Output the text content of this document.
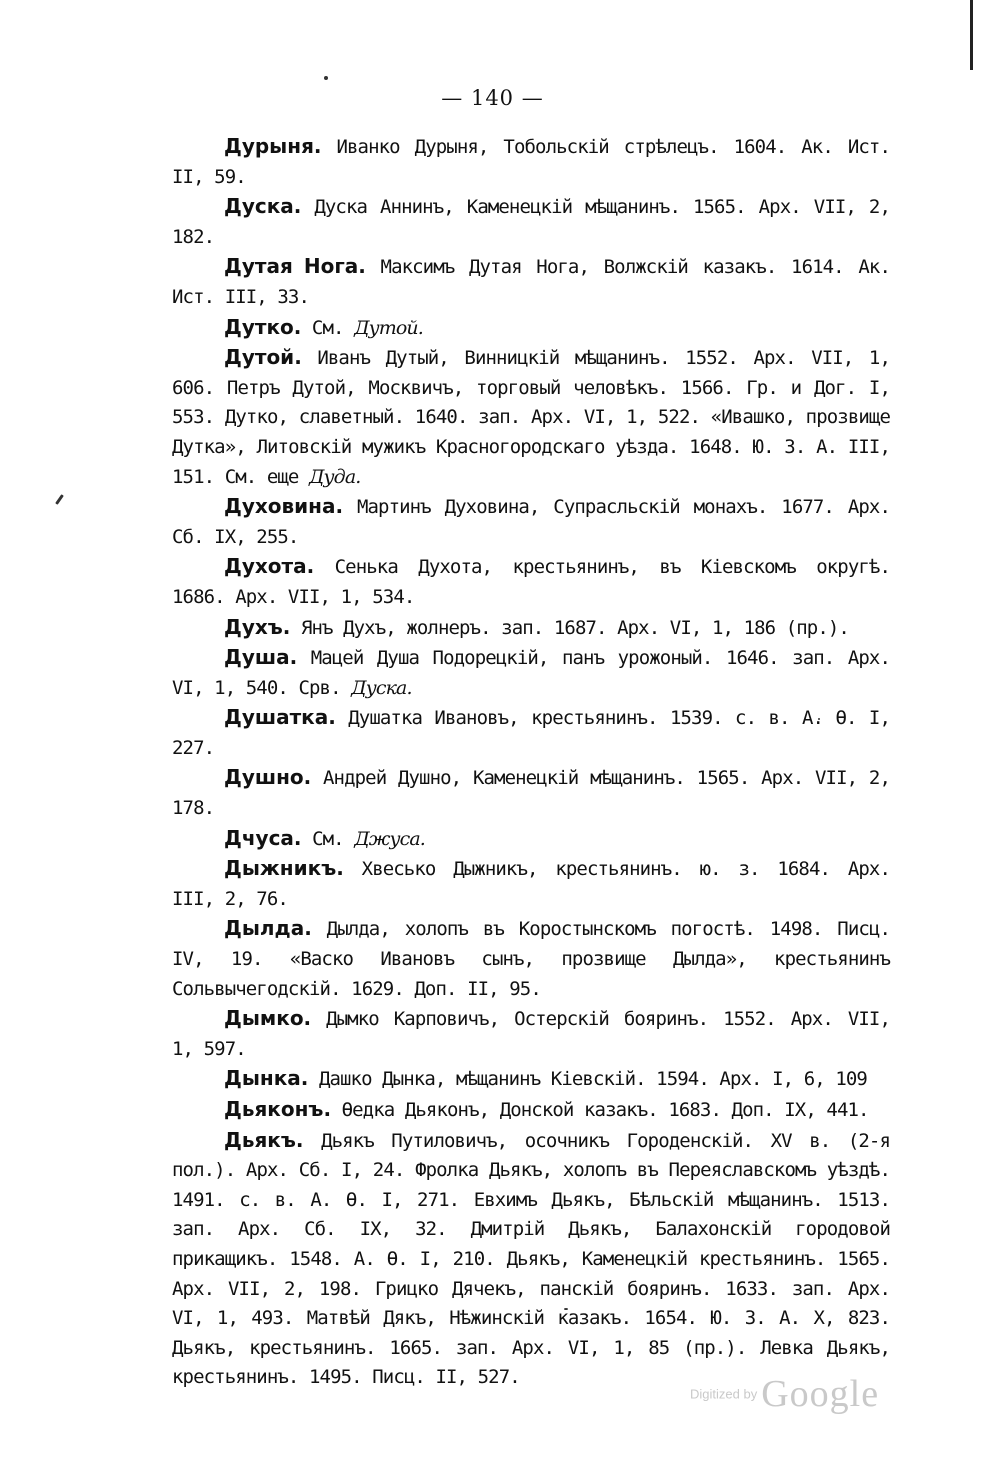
— 140 —

Дурыня. Иванко Дурыня, Тобольскій стрѣлецъ. 1604. Ак. Ист. II, 59.

Дуска. Дуска Аннинъ, Каменецкій мѣщанинъ. 1565. Арх. VII, 2, 182.

Дутая Нога. Максимъ Дутая Нога, Волжскій казакъ. 1614. Ак. Ист. III, 33.

Дутко. См. Дутой.

Дутой. Иванъ Дутый, Винницкій мѣщанинъ. 1552. Арх. VII, 1, 606. Петръ Дутой, Москвичъ, торговый человѣкъ. 1566. Гр. и Дог. I, 553. Дутко, славетный. 1640. зап. Арх. VI, 1, 522. «Ивашко, прозвище Дутка», Литовскій мужикъ Красногородскаго уѣзда. 1648. Ю. З. А. III, 151. См. еще Дуда.

Духовина. Мартинъ Духовина, Супрасльскій монахъ. 1677. Арх. Сб. IX, 255.

Духота. Сенька Духота, крестьянинъ, въ Кіевскомъ округѣ. 1686. Арх. VII, 1, 534.

Духъ. Янъ Духъ, жолнеръ. зап. 1687. Арх. VI, 1, 186 (пр.).

Душа. Мацей Душа Подорецкій, панъ урожоный. 1646. зап. Арх. VI, 1, 540. Срв. Дуска.

Душатка. Душатка Ивановъ, крестьянинъ. 1539. с. в. А. Ѳ. I, 227.

Душно. Андрей Душно, Каменецкій мѣщанинъ. 1565. Арх. VII, 2, 178.

Дчуса. См. Джуса.

Дыжникъ. Хвесько Дыжникъ, крестьянинъ. ю. з. 1684. Арх. III, 2, 76.

Дылда. Дылда, холопъ въ Коростынскомъ погостѣ. 1498. Писц. IV, 19. «Васко Ивановъ сынъ, прозвище Дылда», крестьянинъ Сольвычегодскій. 1629. Доп. II, 95.

Дымко. Дымко Карповичъ, Остерскій бояринъ. 1552. Арх. VII, 1, 597.

Дынка. Дашко Дынка, мѣщанинъ Кіевскій. 1594. Арх. I, 6, 109

Дьяконъ. Ѳедка Дьяконъ, Донской казакъ. 1683. Доп. IX, 441.

Дьякъ. Дьякъ Путиловичъ, осочникъ Городенскій. XV в. (2-я пол.). Арх. Сб. I, 24. Фролка Дьякъ, холопъ въ Переяславскомъ уѣздѣ. 1491. с. в. А. Ѳ. I, 271. Евхимъ Дьякъ, Бѣльскій мѣщанинъ. 1513. зап. Арх. Сб. IX, 32. Дмитрій Дьякъ, Балахонскій городовой прикащикъ. 1548. А. Ѳ. I, 210. Дьякъ, Каменецкій крестьянинъ. 1565. Арх. VII, 2, 198. Грицко Дячекъ, панскій бояринъ. 1633. зап. Арх. VI, 1, 493. Матвѣй Дякъ, Нѣжинскій казакъ. 1654. Ю. З. А. X, 823. Дьякъ, крестьянинъ. 1665. зап. Арх. VI, 1, 85 (пр.). Левка Дьякъ, крестьянинъ. 1495. Писц. II, 527.

Digitized by Google
